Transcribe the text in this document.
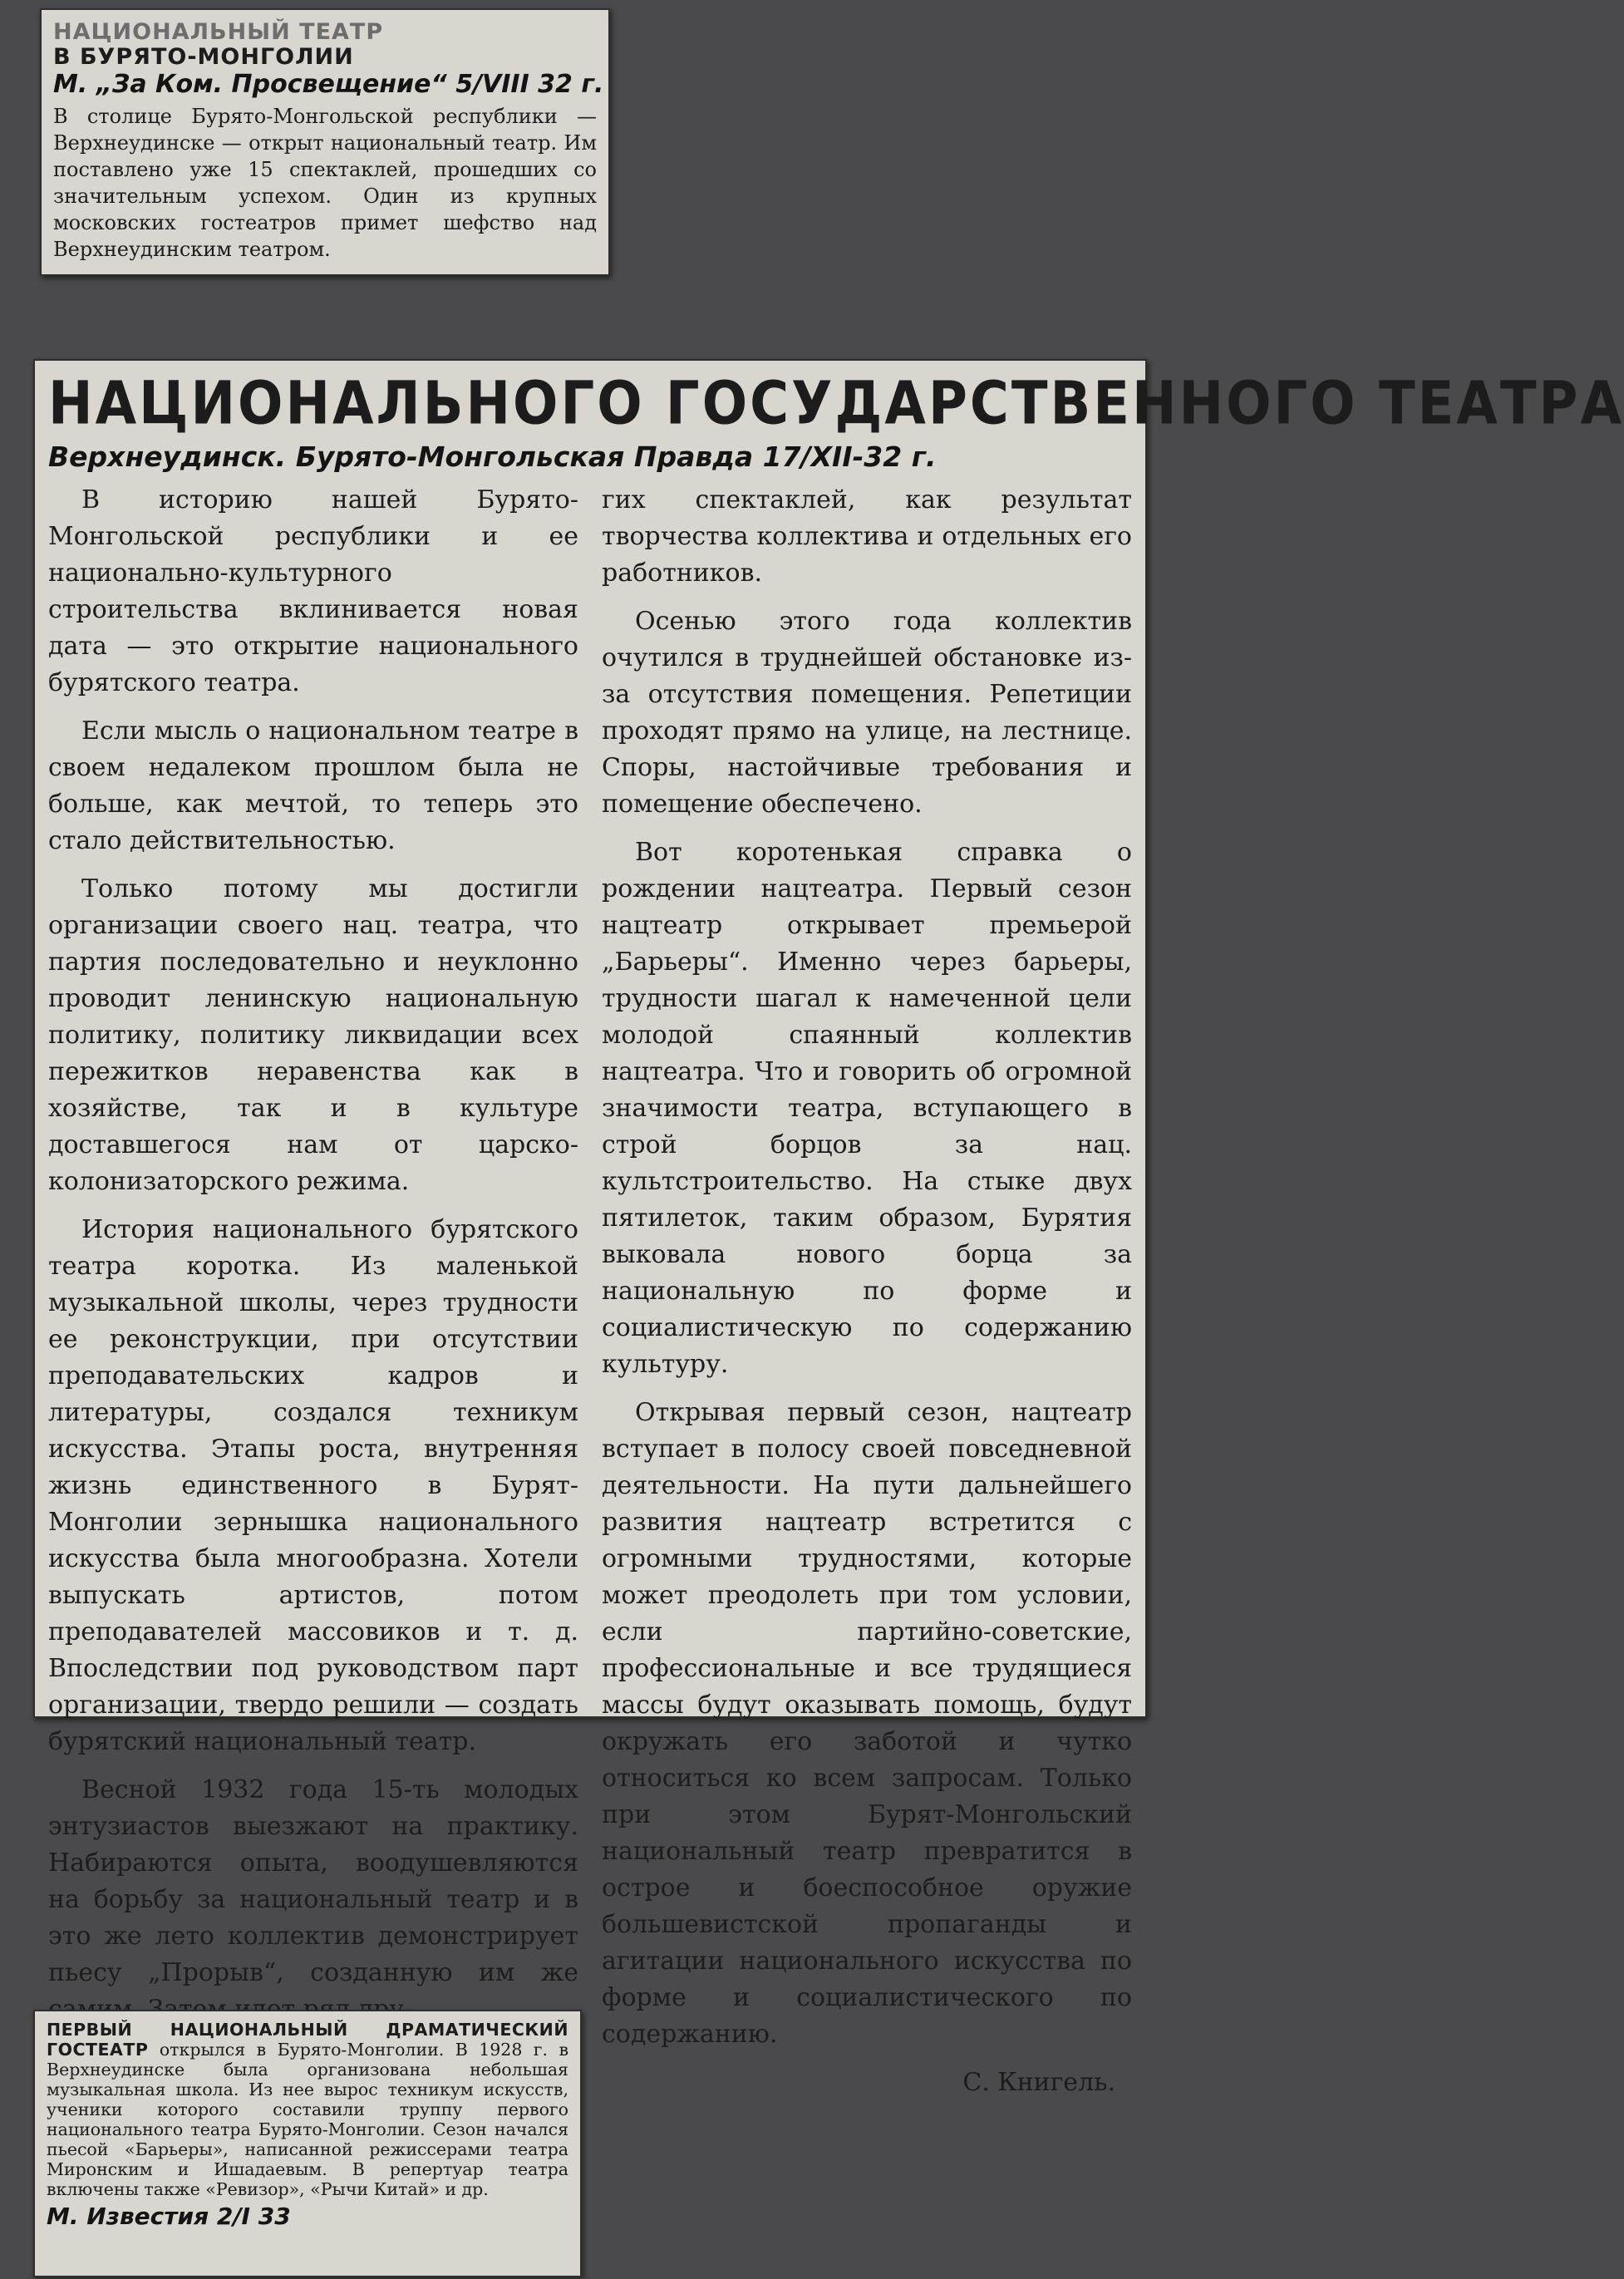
НАЦИОНАЛЬНЫЙ ТЕАТР
В БУРЯТО-МОНГОЛИИ
М. „За Ком. Просвещение“ 5/VIII 32 г.
В столице Бурято-Монгольской республики — Верхнеудинске — открыт национальный театр. Им поставлено уже 15 спектаклей, прошедших со значительным успехом. Один из крупных московских гостеатров примет шефство над Верхнеудинским театром.
НАЦИОНАЛЬНОГО ГОСУДАРСТВЕННОГО ТЕАТРА
Верхнеудинск. Бурято-Монгольская Правда 17/XII-32 г.

В историю нашей Бурято-Монгольской республики и ее национально-культурного строительства вклинивается новая дата — это открытие национального бурятского театра.

Если мысль о национальном театре в своем недалеком прошлом была не больше, как мечтой, то теперь это стало действительностью.

Только потому мы достигли организации своего нац. театра, что партия последовательно и неуклонно проводит ленинскую национальную политику, политику ликвидации всех пережитков неравенства как в хозяйстве, так и в культуре доставшегося нам от царско-колонизаторского режима.

История национального бурятского театра коротка. Из маленькой музыкальной школы, через трудности ее реконструкции, при отсутствии преподавательских кадров и литературы, создался техникум искусства. Этапы роста, внутренняя жизнь единственного в Бурят-Монголии зернышка национального искусства была многообразна. Хотели выпускать артистов, потом преподавателей массовиков и т. д. Впоследствии под руководством парт организации, твердо решили — создать бурятский национальный театр.

Весной 1932 года 15-ть молодых энтузиастов выезжают на практику. Набираются опыта, воодушевляются на борьбу за национальный театр и в это же лето коллектив демонстрирует пьесу „Прорыв“, созданную им же

гих спектаклей, как результат творчества коллектива и отдельных его работников.

Осенью этого года коллектив очутился в труднейшей обстановке из-за отсутствия помещения. Репетиции проходят прямо на улице, на лестнице. Споры, настойчивые требования и помещение обеспечено.

Вот коротенькая справка о рождении нацтеатра. Первый сезон нацтеатр открывает премьерой „Барьеры“. Именно через барьеры, трудности шагал к намеченной цели молодой спаянный коллектив нацтеатра. Что и говорить об огромной значимости театра, вступающего в строй борцов за нац. культстроительство. На стыке двух пятилеток, таким образом, Бурятия выковала нового борца за национальную по форме и социалистическую по содержанию культуру.

Открывая первый сезон, нацтеатр вступает в полосу своей повседневной деятельности. На пути дальнейшего развития нацтеатр встретится с огромными трудностями, которые может преодолеть при том условии, если партийно-советские, профессиональные и все трудящиеся массы будут оказывать помощь, будут окружать его заботой и чутко относиться ко всем запросам. Только при этом Бурят-Монгольский национальный театр превратится в острое и боеспособное оружие большевистской пропаганды и агитации национального искусства по форме и социалистического по содержанию.

С. Книгель.
ПЕРВЫЙ НАЦИОНАЛЬНЫЙ ДРАМАТИЧЕСКИЙ ГОСТЕАТР открылся в Бурято-Монголии. В 1928 г. в Верхнеудинске была организована небольшая музыкальная школа. Из нее вырос техникум искусств, ученики которого составили труппу первого национального театра Бурято-Монголии. Сезон начался пьесой «Барьеры», написанной режиссерами театра Миронским и Ишадаевым. В репертуар театра включены также «Ревизор», «Рычи Китай» и др.
М. Известия 2/I 33
